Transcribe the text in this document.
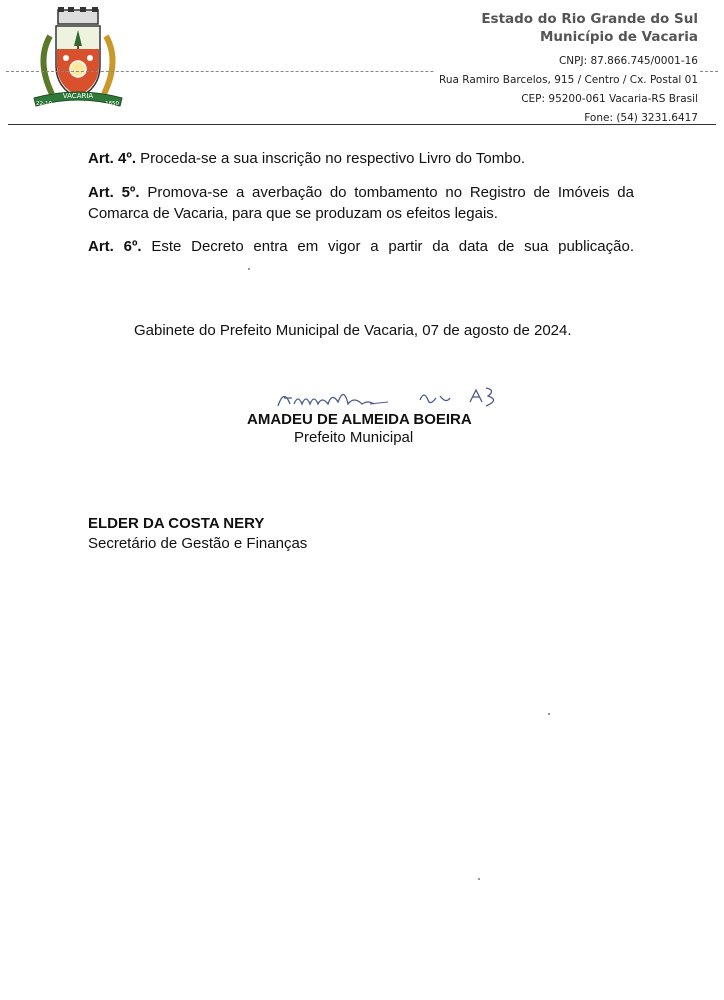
VACARIA
22-10	1850
Estado do Rio Grande do Sul
Município de Vacaria
CNPJ: 87.866.745/0001-16
Rua Ramiro Barcelos, 915 / Centro / Cx. Postal 01
CEP: 95200-061 Vacaria-RS Brasil
Fone: (54) 3231.6417

Art. 4º. Proceda-se a sua inscrição no respectivo Livro do Tombo.

Art. 5º. Promova-se a averbação do tombamento no Registro de Imóveis da Comarca de Vacaria, para que se produzam os efeitos legais.

Art. 6º. Este Decreto entra em vigor a partir da data de sua publicação.

Gabinete do Prefeito Municipal de Vacaria, 07 de agosto de 2024.
AMADEU DE ALMEIDA BOEIRA
Prefeito Municipal
ELDER DA COSTA NERY
Secretário de Gestão e Finanças
